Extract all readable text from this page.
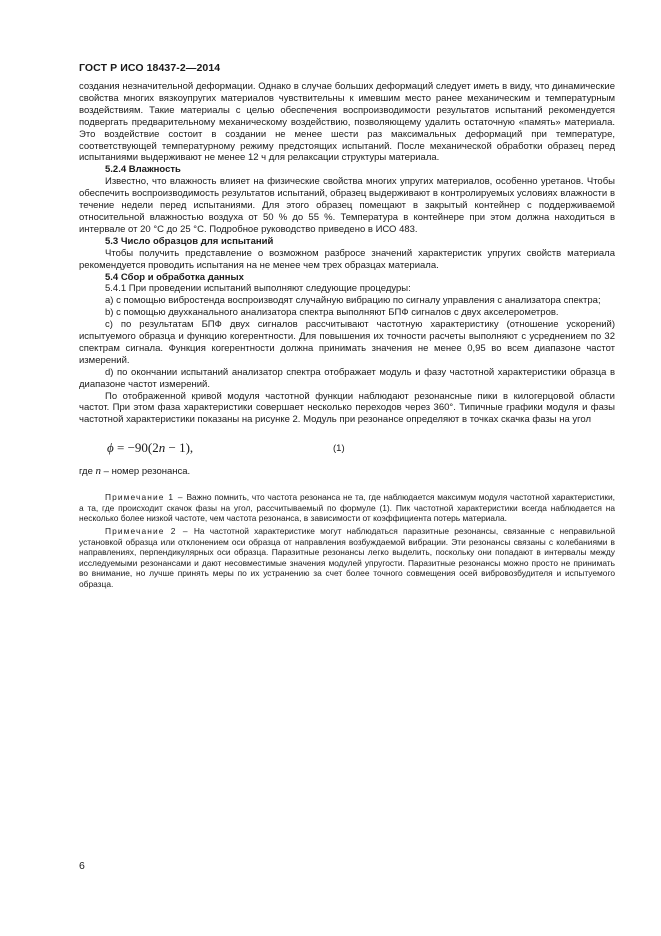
ГОСТ Р ИСО 18437-2—2014

создания незначительной деформации. Однако в случае больших деформаций следует иметь в виду, что динамические свойства многих вязкоупругих материалов чувствительны к имевшим место ранее механическим и температурным воздействиям. Такие материалы с целью обеспечения воспроизводимости результатов испытаний рекомендуется подвергать предварительному механическому воздействию, позволяющему удалить остаточную «память» материала. Это воздействие состоит в создании не менее шести раз максимальных деформаций при температуре, соответствующей температурному режиму предстоящих испытаний. После механической обработки образец перед испытаниями выдерживают не менее 12 ч для релаксации структуры материала.

5.2.4 Влажность

Известно, что влажность влияет на физические свойства многих упругих материалов, особенно уретанов. Чтобы обеспечить воспроизводимость результатов испытаний, образец выдерживают в контролируемых условиях влажности в течение недели перед испытаниями. Для этого образец помещают в закрытый контейнер с поддерживаемой относительной влажностью воздуха от 50 % до 55 %. Температура в контейнере при этом должна находиться в интервале от 20 °C до 25 °C. Подробное руководство приведено в ИСО 483.

5.3 Число образцов для испытаний

Чтобы получить представление о возможном разбросе значений характеристик упругих свойств материала рекомендуется проводить испытания на не менее чем трех образцах материала.

5.4 Сбор и обработка данных

5.4.1 При проведении испытаний выполняют следующие процедуры:

a) с помощью вибростенда воспроизводят случайную вибрацию по сигналу управления с анализатора спектра;

b) с помощью двухканального анализатора спектра выполняют БПФ сигналов с двух акселерометров.

c) по результатам БПФ двух сигналов рассчитывают частотную характеристику (отношение ускорений) испытуемого образца и функцию когерентности. Для повышения их точности расчеты выполняют с усреднением по 32 спектрам сигнала. Функция когерентности должна принимать значения не менее 0,95 во всем диапазоне частот измерений.

d) по окончании испытаний анализатор спектра отображает модуль и фазу частотной характеристики образца в диапазоне частот измерений.

По отображенной кривой модуля частотной функции наблюдают резонансные пики в килогерцовой области частот. При этом фаза характеристики совершает несколько переходов через 360°. Типичные графики модуля и фазы частотной характеристики показаны на рисунке 2. Модуль при резонансе определяют в точках скачка фазы на угол

ϕ = −90(2n − 1),	(1)

где n – номер резонанса.

Примечание 1 – Важно помнить, что частота резонанса не та, где наблюдается максимум модуля частотной характеристики, а та, где происходит скачок фазы на угол, рассчитываемый по формуле (1). Пик частотной характеристики всегда наблюдается на несколько более низкой частоте, чем частота резонанса, в зависимости от коэффициента потерь материала.

Примечание 2 – На частотной характеристике могут наблюдаться паразитные резонансы, связанные с неправильной установкой образца или отклонением оси образца от направления возбуждаемой вибрации. Эти резонансы связаны с колебаниями в направлениях, перпендикулярных оси образца. Паразитные резонансы легко выделить, поскольку они попадают в интервалы между исследуемыми резонансами и дают несовместимые значения модулей упругости. Паразитные резонансы можно просто не принимать во внимание, но лучше принять меры по их устранению за счет более точного совмещения осей вибровозбудителя и испытуемого образца.

6
